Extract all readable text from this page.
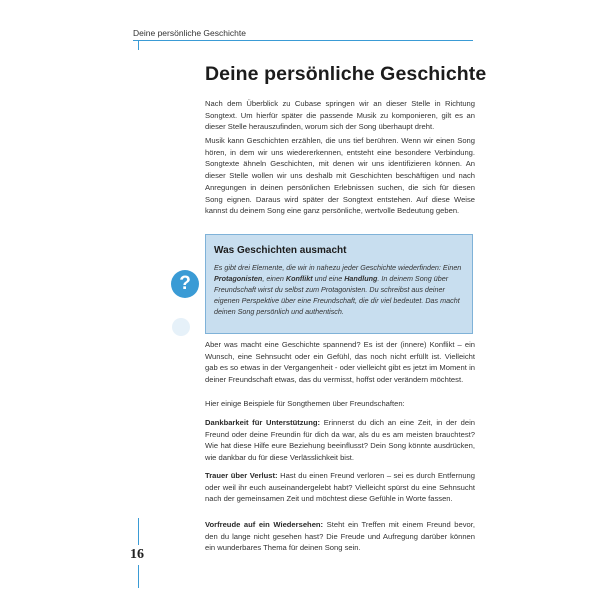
Deine persönliche Geschichte
16
Deine persönliche Geschichte

Nach dem Überblick zu Cubase springen wir an dieser Stelle in Richtung Songtext. Um hierfür später die passende Musik zu komponieren, gilt es an dieser Stelle herauszufinden, worum sich der Song überhaupt dreht.

Musik kann Geschichten erzählen, die uns tief berühren. Wenn wir einen Song hören, in dem wir uns wiedererkennen, entsteht eine besondere Verbindung. Songtexte ähneln Geschichten, mit denen wir uns identifizieren können. An dieser Stelle wollen wir uns deshalb mit Geschichten beschäftigen und nach Anregungen in deinen persönlichen Erlebnissen suchen, die sich für diesen Song eignen. Daraus wird später der Songtext entstehen. Auf diese Weise kannst du deinem Song eine ganz persönliche, wertvolle Bedeutung geben.

?

Was Geschichten ausmacht

Es gibt drei Elemente, die wir in nahezu jeder Geschichte wiederfinden: Einen Protagonisten, einen Konflikt und eine Handlung. In deinem Song über Freundschaft wirst du selbst zum Protagonisten. Du schreibst aus deiner eigenen Perspektive über eine Freundschaft, die dir viel bedeutet. Das macht deinen Song persönlich und authentisch.

Aber was macht eine Geschichte spannend? Es ist der (innere) Konflikt – ein Wunsch, eine Sehnsucht oder ein Gefühl, das noch nicht erfüllt ist. Vielleicht gab es so etwas in der Vergangenheit - oder vielleicht gibt es jetzt im Moment in deiner Freundschaft etwas, das du vermisst, hoffst oder verändern möchtest.

Hier einige Beispiele für Songthemen über Freundschaften:

Dankbarkeit für Unterstützung: Erinnerst du dich an eine Zeit, in der dein Freund oder deine Freundin für dich da war, als du es am meisten brauchtest? Wie hat diese Hilfe eure Beziehung beeinflusst? Dein Song könnte ausdrücken, wie dankbar du für diese Verlässlichkeit bist.

Trauer über Verlust: Hast du einen Freund verloren – sei es durch Entfernung oder weil ihr euch auseinandergelebt habt? Vielleicht spürst du eine Sehnsucht nach der gemeinsamen Zeit und möchtest diese Gefühle in Worte fassen.

Vorfreude auf ein Wiedersehen: Steht ein Treffen mit einem Freund bevor, den du lange nicht gesehen hast? Die Freude und Aufregung darüber können ein wunderbares Thema für deinen Song sein.
